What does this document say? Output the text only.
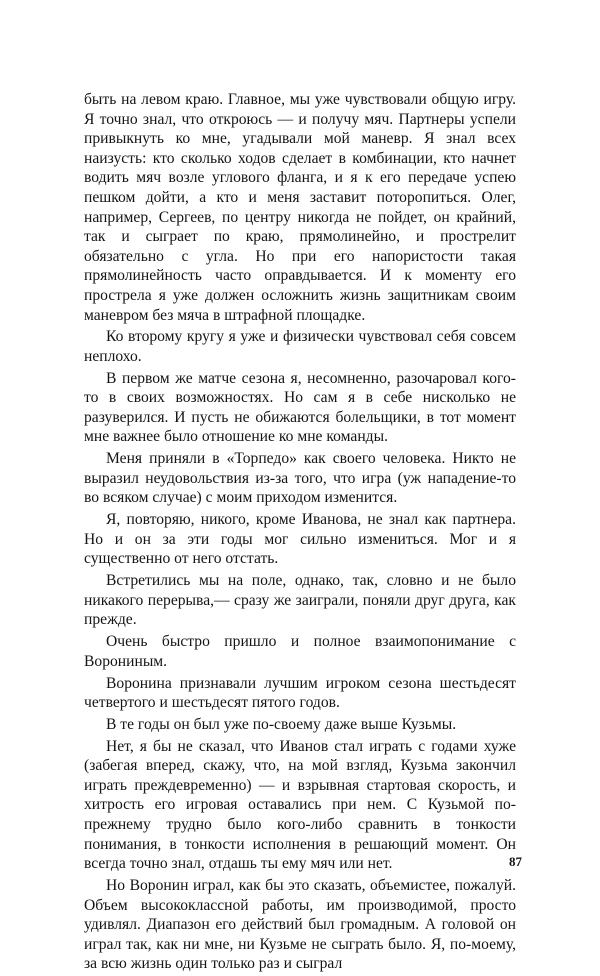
быть на левом краю. Главное, мы уже чувствовали общую игру. Я точно знал, что откроюсь — и получу мяч. Партнеры успели привыкнуть ко мне, угадывали мой маневр. Я знал всех наизусть: кто сколько ходов сделает в комбинации, кто начнет водить мяч возле углового фланга, и я к его передаче успею пешком дойти, а кто и меня заставит поторопиться. Олег, например, Сергеев, по центру никогда не пойдет, он крайний, так и сыграет по краю, прямолинейно, и прострелит обязательно с угла. Но при его напористости такая прямолинейность часто оправдывается. И к моменту его прострела я уже должен осложнить жизнь защитникам своим маневром без мяча в штрафной площадке.

Ко второму кругу я уже и физически чувствовал себя совсем неплохо.

В первом же матче сезона я, несомненно, разочаровал кого-то в своих возможностях. Но сам я в себе нисколько не разуверился. И пусть не обижаются болельщики, в тот момент мне важнее было отношение ко мне команды.

Меня приняли в «Торпедо» как своего человека. Никто не выразил неудовольствия из-за того, что игра (уж нападение-то во всяком случае) с моим приходом изменится.

Я, повторяю, никого, кроме Иванова, не знал как партнера. Но и он за эти годы мог сильно измениться. Мог и я существенно от него отстать.

Встретились мы на поле, однако, так, словно и не было никакого перерыва,— сразу же заиграли, поняли друг друга, как прежде.

Очень быстро пришло и полное взаимопонимание с Ворониным.

Воронина признавали лучшим игроком сезона шестьдесят четвертого и шестьдесят пятого годов.

В те годы он был уже по-своему даже выше Кузьмы.

Нет, я бы не сказал, что Иванов стал играть с годами хуже (забегая вперед, скажу, что, на мой взгляд, Кузьма закончил играть преждевременно) — и взрывная стартовая скорость, и хитрость его игровая оставались при нем. С Кузьмой по-прежнему трудно было кого-либо сравнить в тонкости понимания, в тонкости исполнения в решающий момент. Он всегда точно знал, отдашь ты ему мяч или нет.

Но Воронин играл, как бы это сказать, объемистее, пожалуй. Объем высококлассной работы, им производимой, просто удивлял. Диапазон его действий был громадным. А головой он играл так, как ни мне, ни Кузьме не сыграть было. Я, по-моему, за всю жизнь один только раз и сыграл

87
